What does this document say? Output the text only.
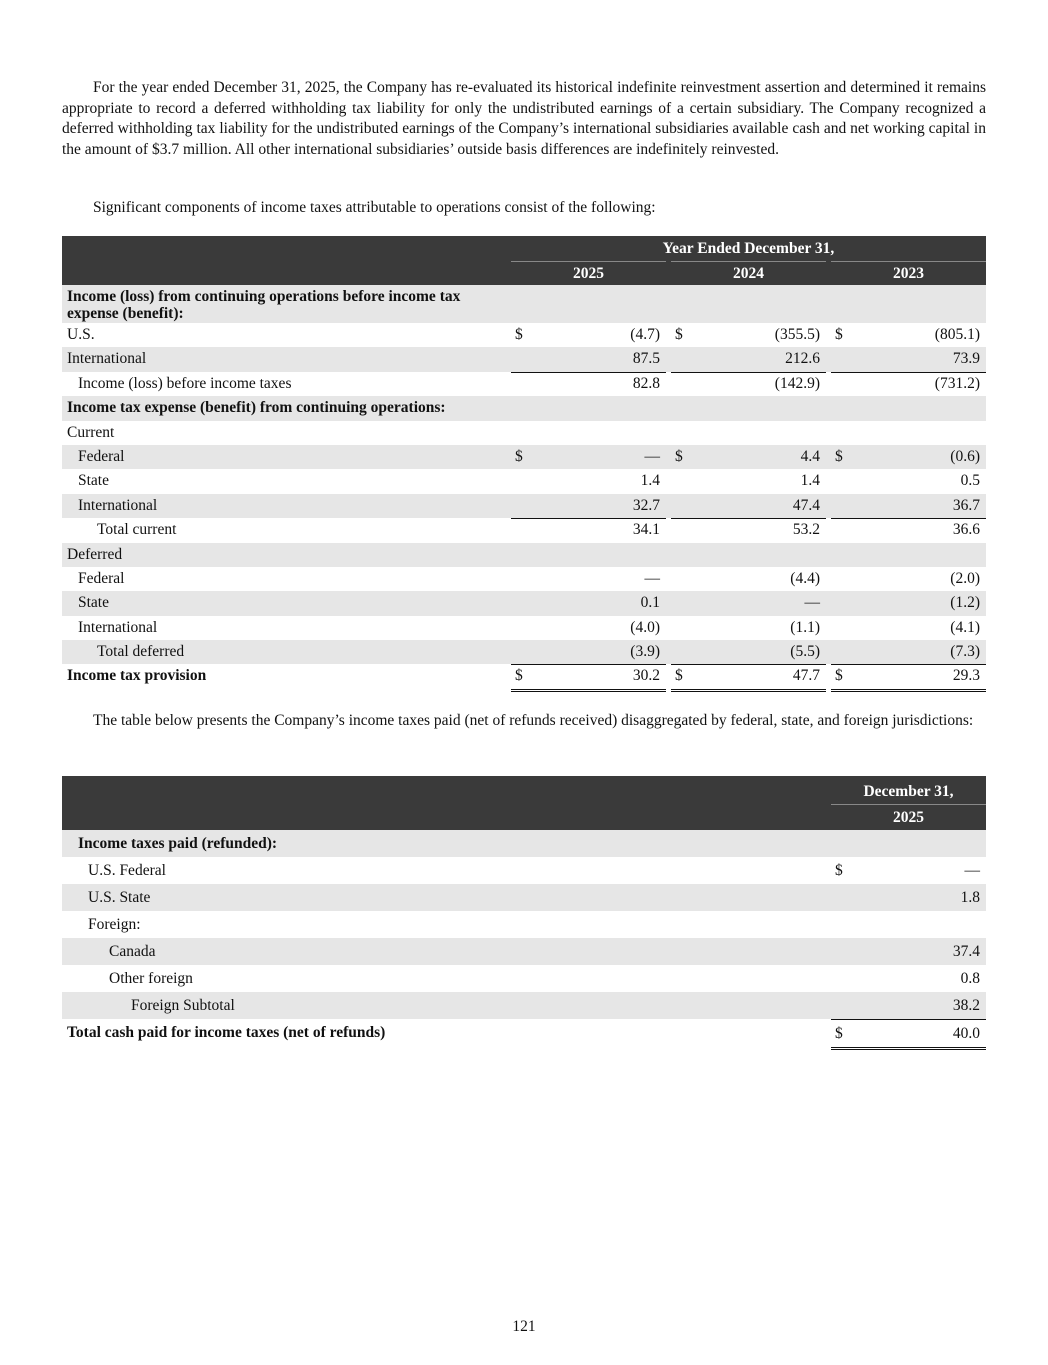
For the year ended December 31, 2025, the Company has re-evaluated its historical indefinite reinvestment assertion and determined it remains appropriate to record a deferred withholding tax liability for only the undistributed earnings of a certain subsidiary. The Company recognized a deferred withholding tax liability for the undistributed earnings of the Company’s international subsidiaries available cash and net working capital in the amount of $3.7 million. All other international subsidiaries’ outside basis differences are indefinitely reinvested.

Significant components of income taxes attributable to operations consist of the following:

Year Ended December 31,
2025	2024	2023
Income (loss) from continuing operations before income tax expense (benefit):
U.S.	$	(4.7) $	(355.5) $	(805.1)
International	87.5	212.6	73.9
Income (loss) before income taxes	82.8	(142.9)	(731.2)
Income tax expense (benefit) from continuing operations:
Current
Federal	$	— $	4.4 $	(0.6)
State	1.4	1.4	0.5
International	32.7	47.4	36.7
Total current	34.1	53.2	36.6
Deferred
Federal	—	(4.4)	(2.0)
State	0.1	—	(1.2)
International	(4.0)	(1.1)	(4.1)
Total deferred	(3.9)	(5.5)	(7.3)
Income tax provision	$	30.2 $	47.7 $	29.3

The table below presents the Company’s income taxes paid (net of refunds received) disaggregated by federal, state, and foreign jurisdictions:

December 31,
2025
Income taxes paid (refunded):
U.S. Federal	$	—
U.S. State	1.8
Foreign:
Canada	37.4
Other foreign	0.8
Foreign Subtotal	38.2
Total cash paid for income taxes (net of refunds)	$	40.0
121
